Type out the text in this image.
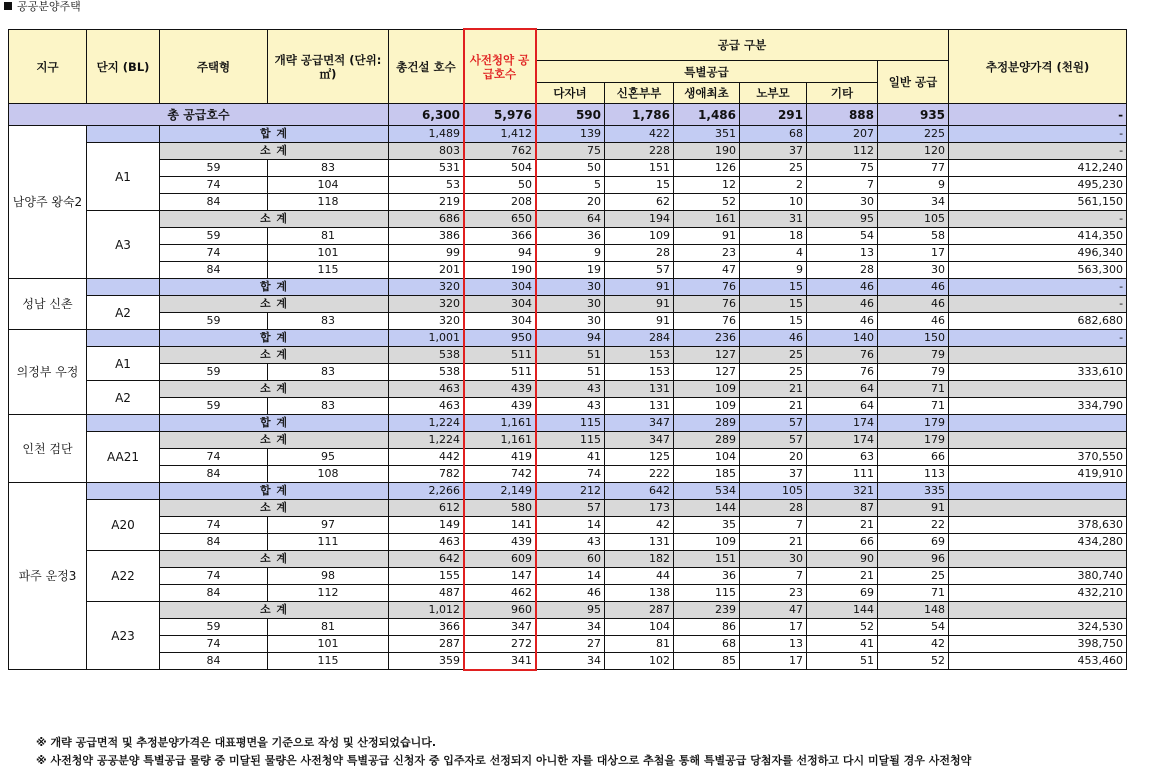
공공분양주택
지구	단지 (BL)	주택형	개략 공급면적 (단위:㎡)	총건설 호수	사전청약 공급호수	공급 구분						추정분양가격 (천원)
						특별공급					일반 공급	
						다자녀	신혼부부	생애최초	노부모	기타		
총 공급호수				6,300	5,976	590	1,786	1,486	291	888	935	-
남양주 왕숙2		합 계		1,489	1,412	139	422	351	68	207	225	-
	A1	소 계		803	762	75	228	190	37	112	120	-
		59	83	531	504	50	151	126	25	75	77	412,240
		74	104	53	50	5	15	12	2	7	9	495,230
		84	118	219	208	20	62	52	10	30	34	561,150
	A3	소 계		686	650	64	194	161	31	95	105	-
		59	81	386	366	36	109	91	18	54	58	414,350
		74	101	99	94	9	28	23	4	13	17	496,340
		84	115	201	190	19	57	47	9	28	30	563,300
성남 신촌		합 계		320	304	30	91	76	15	46	46	-
	A2	소 계		320	304	30	91	76	15	46	46	-
		59	83	320	304	30	91	76	15	46	46	682,680
의정부 우정		합 계		1,001	950	94	284	236	46	140	150	-
	A1	소 계		538	511	51	153	127	25	76	79	
		59	83	538	511	51	153	127	25	76	79	333,610
	A2	소 계		463	439	43	131	109	21	64	71	
		59	83	463	439	43	131	109	21	64	71	334,790
인천 검단		합 계		1,224	1,161	115	347	289	57	174	179	
	AA21	소 계		1,224	1,161	115	347	289	57	174	179	
		74	95	442	419	41	125	104	20	63	66	370,550
		84	108	782	742	74	222	185	37	111	113	419,910
파주 운정3		합 계		2,266	2,149	212	642	534	105	321	335	
	A20	소 계		612	580	57	173	144	28	87	91	
		74	97	149	141	14	42	35	7	21	22	378,630
		84	111	463	439	43	131	109	21	66	69	434,280
	A22	소 계		642	609	60	182	151	30	90	96	
		74	98	155	147	14	44	36	7	21	25	380,740
		84	112	487	462	46	138	115	23	69	71	432,210
	A23	소 계		1,012	960	95	287	239	47	144	148	
		59	81	366	347	34	104	86	17	52	54	324,530
		74	101	287	272	27	81	68	13	41	42	398,750
		84	115	359	341	34	102	85	17	51	52	453,460
※ 개략 공급면적 및 추정분양가격은 대표평면을 기준으로 작성 및 산정되었습니다.
※ 사전청약 공공분양 특별공급 물량 중 미달된 물량은 사전청약 특별공급 신청자 중 입주자로 선정되지 아니한 자를 대상으로 추첨을 통해 특별공급 당첨자를 선정하고 다시 미달될 경우 사전청약
